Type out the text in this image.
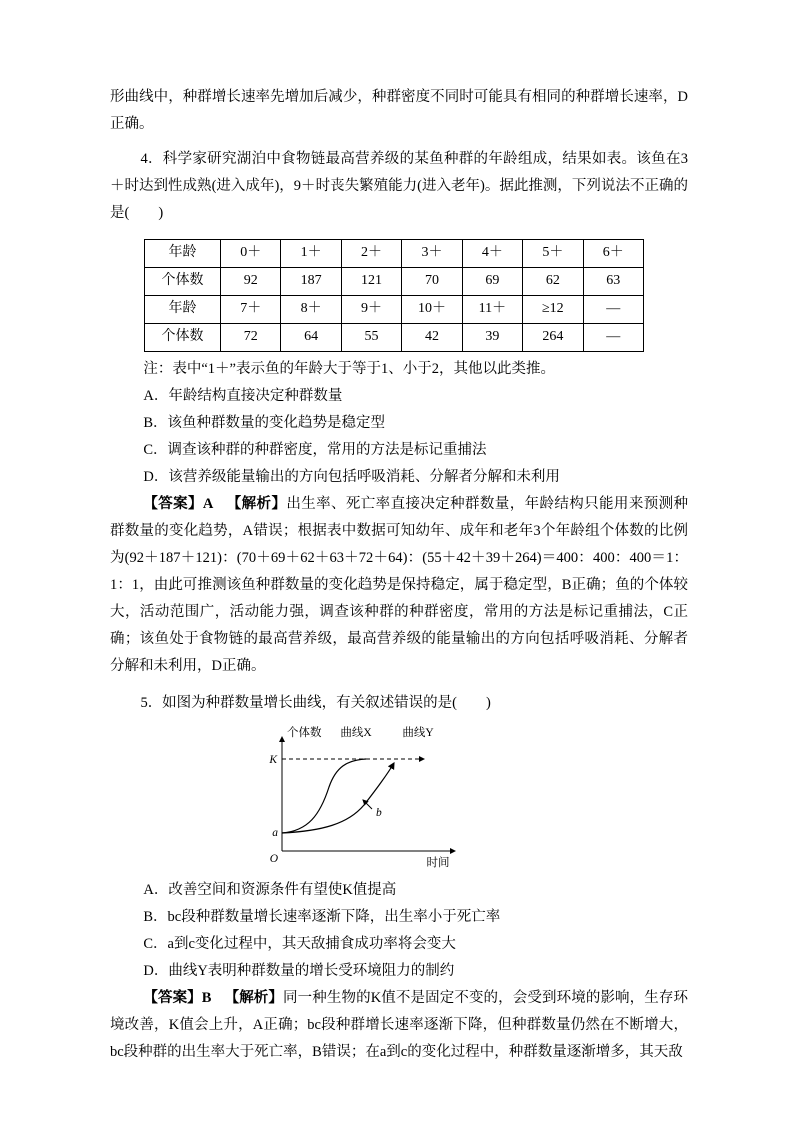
形曲线中，种群增长速率先增加后减少，种群密度不同时可能具有相同的种群增长速率，D正确。

4．科学家研究湖泊中食物链最高营养级的某鱼种群的年龄组成，结果如表。该鱼在3＋时达到性成熟(进入成年)，9＋时丧失繁殖能力(进入老年)。据此推测，下列说法不正确的是(　　)

年龄	0＋	1＋	2＋	3＋	4＋	5＋	6＋
个体数	92	187	121	70	69	62	63
年龄	7＋	8＋	9＋	10＋	11＋	≥12	—
个体数	72	64	55	42	39	264	—

注：表中“1＋”表示鱼的年龄大于等于1、小于2，其他以此类推。

A．年龄结构直接决定种群数量

B．该鱼种群数量的变化趋势是稳定型

C．调查该种群的种群密度，常用的方法是标记重捕法

D．该营养级能量输出的方向包括呼吸消耗、分解者分解和未利用

【答案】A 【解析】出生率、死亡率直接决定种群数量，年龄结构只能用来预测种群数量的变化趋势，A错误；根据表中数据可知幼年、成年和老年3个年龄组个体数的比例为(92＋187＋121)：(70＋69＋62＋63＋72＋64)：(55＋42＋39＋264)＝400：400：400＝1：1：1，由此可推测该鱼种群数量的变化趋势是保持稳定，属于稳定型，B正确；鱼的个体较大，活动范围广，活动能力强，调查该种群的种群密度，常用的方法是标记重捕法，C正确；该鱼处于食物链的最高营养级，最高营养级的能量输出的方向包括呼吸消耗、分解者分解和未利用，D正确。

5．如图为种群数量增长曲线，有关叙述错误的是(　　)

个体数 曲线X	曲线Y
K
a
b
O	时间

A．改善空间和资源条件有望使K值提高

B．bc段种群数量增长速率逐渐下降，出生率小于死亡率

C．a到c变化过程中，其天敌捕食成功率将会变大

D．曲线Y表明种群数量的增长受环境阻力的制约

【答案】B 【解析】同一种生物的K值不是固定不变的，会受到环境的影响，生存环境改善，K值会上升，A正确；bc段种群增长速率逐渐下降，但种群数量仍然在不断增大，bc段种群的出生率大于死亡率，B错误；在a到c的变化过程中，种群数量逐渐增多，其天敌
